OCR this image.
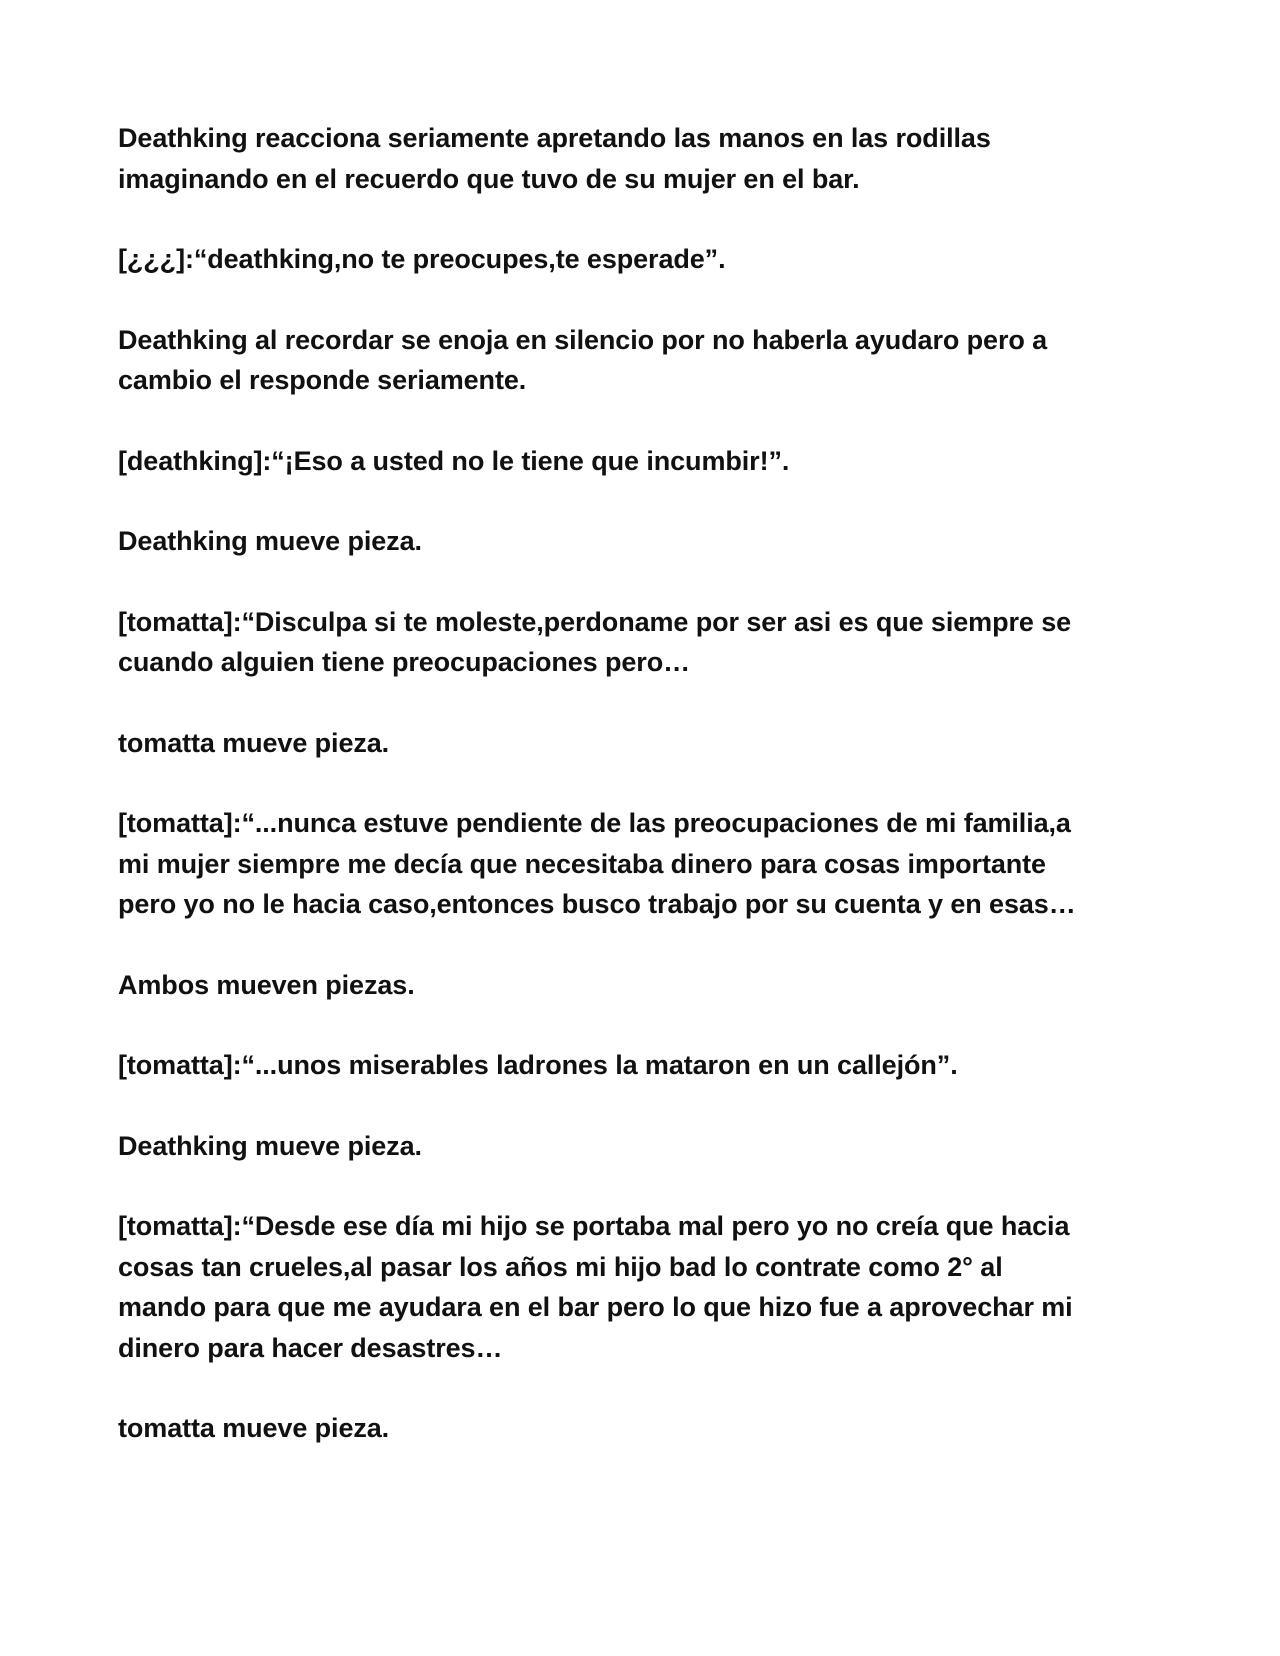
Deathking reacciona seriamente apretando las manos en las rodillas
imaginando en el recuerdo que tuvo de su mujer en el bar.

[¿¿¿]:“deathking,no te preocupes,te esperade”.

Deathking al recordar se enoja en silencio por no haberla ayudaro pero a
cambio el responde seriamente.

[deathking]:“¡Eso a usted no le tiene que incumbir!”.

Deathking mueve pieza.

[tomatta]:“Disculpa si te moleste,perdoname por ser asi es que siempre se
cuando alguien tiene preocupaciones pero…

tomatta mueve pieza.

[tomatta]:“...nunca estuve pendiente de las preocupaciones de mi familia,a
mi mujer siempre me decía que necesitaba dinero para cosas importante
pero yo no le hacia caso,entonces busco trabajo por su cuenta y en esas…

Ambos mueven piezas.

[tomatta]:“...unos miserables ladrones la mataron en un callejón”.

Deathking mueve pieza.

[tomatta]:“Desde ese día mi hijo se portaba mal pero yo no creía que hacia
cosas tan crueles,al pasar los años mi hijo bad lo contrate como 2° al
mando para que me ayudara en el bar pero lo que hizo fue a aprovechar mi
dinero para hacer desastres…

tomatta mueve pieza.
